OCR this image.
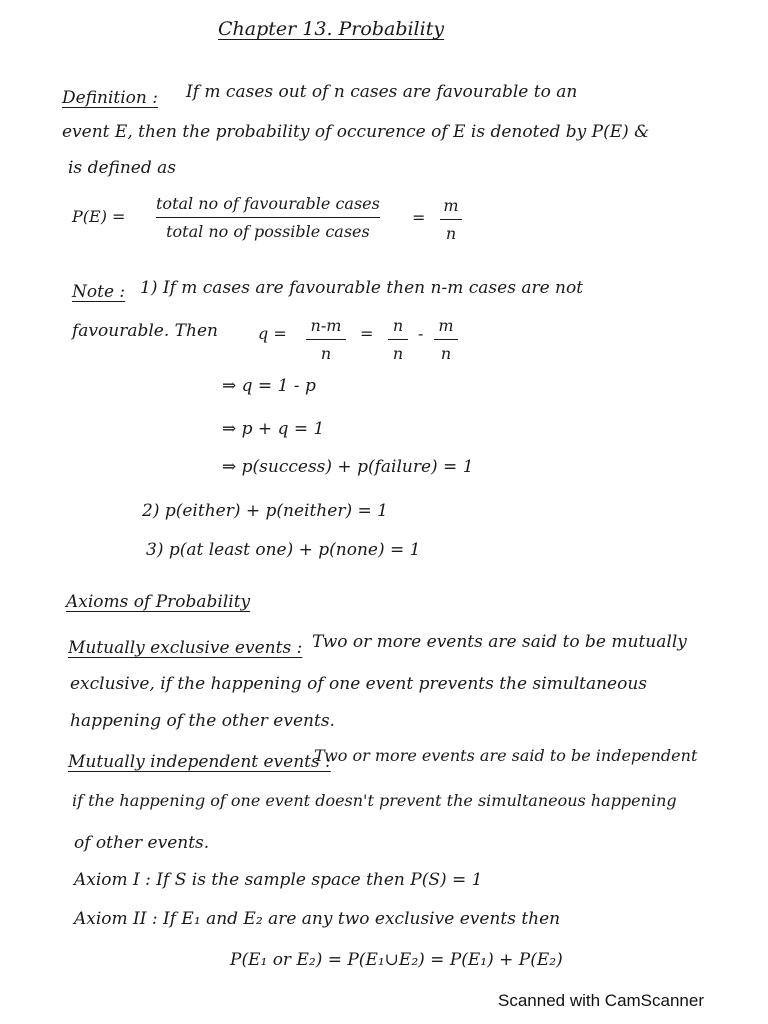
Chapter 13. Probability
Definition : If m cases out of n cases are favourable to an
event E, then the probability of occurence of E is denoted by P(E) &
is defined as
P(E) =
total no of favourable cases
total no of possible cases
=
m
n
Note : 1) If m cases are favourable then n-m cases are not
favourable. Then	q = n-m
n
= n
n
- m
n
⇒ q = 1 - p
⇒ p + q = 1
⇒ p(success) + p(failure) = 1
2) p(either) + p(neither) = 1
3) p(at least one) + p(none) = 1
Axioms of Probability
Mutually exclusive events : Two or more events are said to be mutually
exclusive, if the happening of one event prevents the simultaneous
happening of the other events.
Mutually independent events :
Two or more events are said to be independent
if the happening of one event doesn't prevent the simultaneous happening
of other events.
Axiom I : If S is the sample space then P(S) = 1
Axiom II : If E₁ and E₂ are any two exclusive events then
P(E₁ or E₂) = P(E₁∪E₂) = P(E₁) + P(E₂)
Scanned with CamScanner
